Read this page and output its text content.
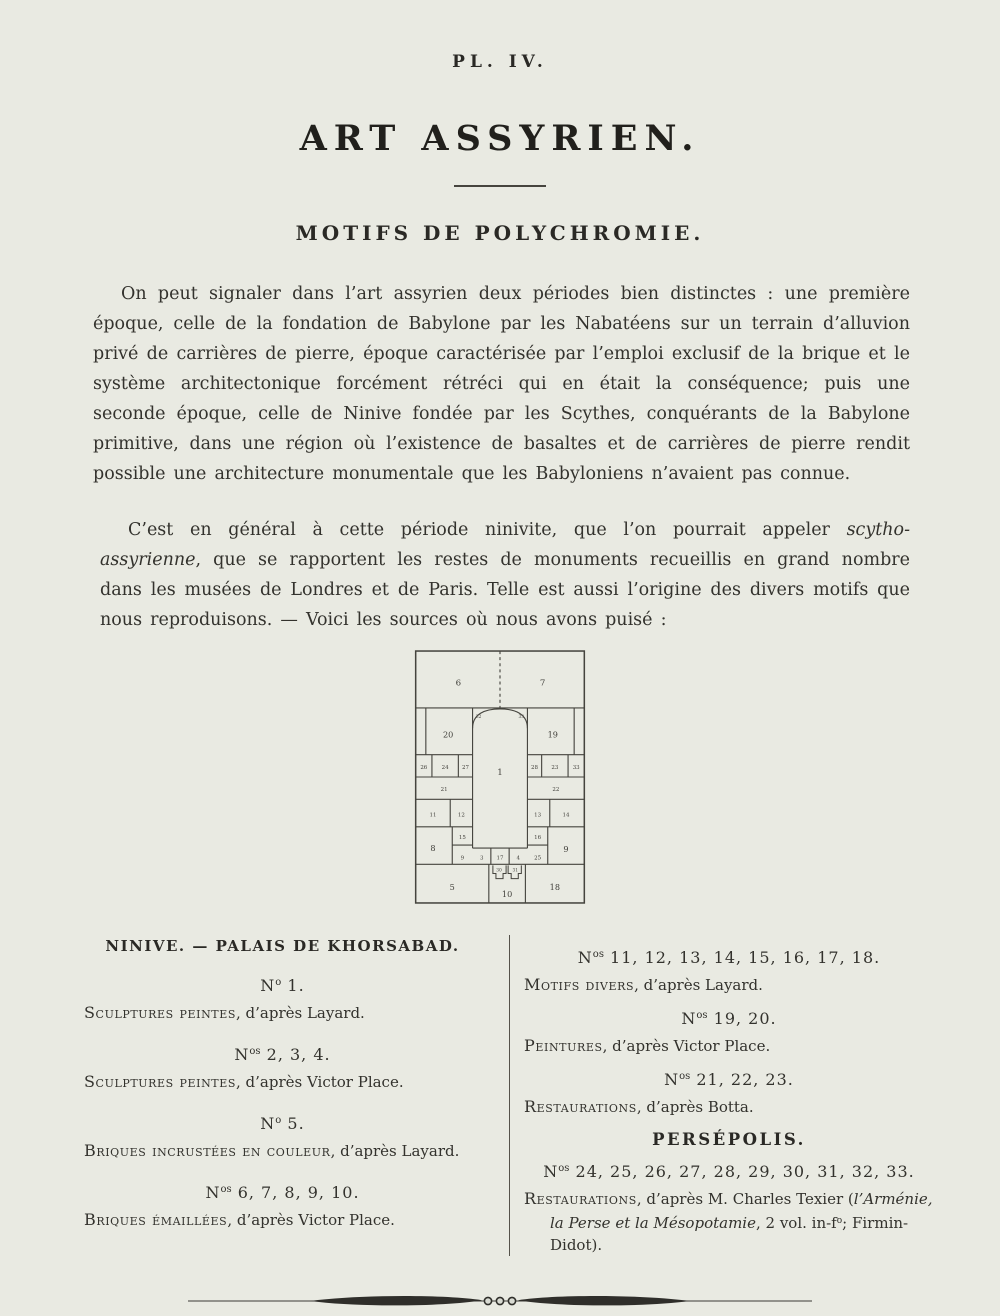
PL. IV.
ART ASSYRIEN.
MOTIFS DE POLYCHROMIE.

On peut signaler dans l’art assyrien deux périodes bien distinctes : une première époque, celle de la fondation de Babylone par les Nabatéens sur un terrain d’alluvion privé de carrières de pierre, époque caractérisée par l’emploi exclusif de la brique et le système architectonique forcément rétréci qui en était la conséquence; puis une seconde époque, celle de Ninive fondée par les Scythes, conquérants de la Babylone primitive, dans une région où l’existence de basaltes et de carrières de pierre rendit possible une architecture monumentale que les Babyloniens n’avaient pas connue.

C’est en général à cette période ninivite, que l’on pourrait appeler scytho-assyrienne, que se rapportent les restes de monuments recueillis en grand nombre dans les musées de Londres et de Paris. Telle est aussi l’origine des divers motifs que nous reproduisons. — Voici les sources où nous avons puisé :

6	7
20	19
32	33
1
26	24 27	28 23	33
21	22
11	12	13	14
8
15
9
16
25
9
3 17 4
30 31
5
10
18
NINIVE. — PALAIS DE KHORSABAD.
$N^o$ 1.
Sculptures peintes, d’après Layard.
$N^{os}$ 2, 3, 4.
Sculptures peintes, d’après Victor Place.
$N^o$ 5.
Briques incrustées en couleur, d’après Layard.
$N^{os}$ 6, 7, 8, 9, 10.
Briques émaillées, d’après Victor Place.
$N^{os}$ 11, 12, 13, 14, 15, 16, 17, 18.
Motifs divers, d’après Layard.
$N^{os}$ 19, 20.
Peintures, d’après Victor Place.
$N^{os}$ 21, 22, 23.
Restaurations, d’après Botta.
PERSÉPOLIS.
$N^{os}$ 24, 25, 26, 27, 28, 29, 30, 31, 32, 33.
Restaurations, d’après M. Charles Texier (l’Arménie, la Perse et la Mésopotamie, 2 vol. $in-f^o$; Firmin-Didot).
